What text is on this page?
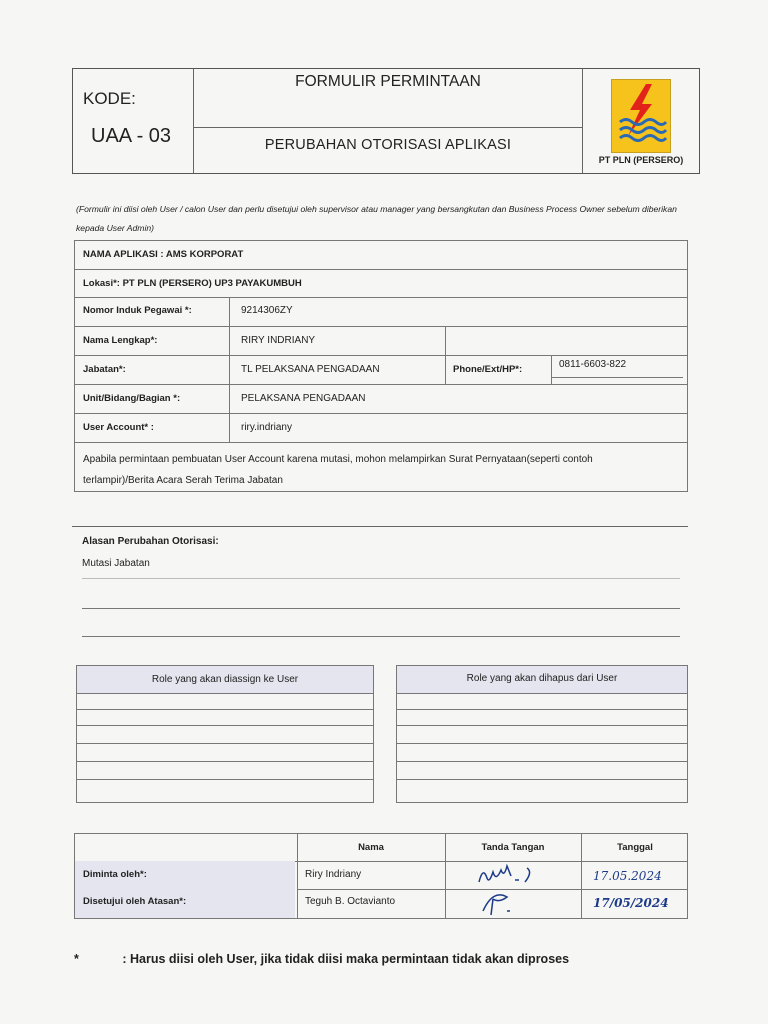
KODE:
UAA - 03
FORMULIR PERMINTAAN
PERUBAHAN OTORISASI APLIKASI
PT PLN (PERSERO)
(Formulir ini diisi oleh User / calon User dan perlu disetujui oleh supervisor atau manager yang bersangkutan dan Business Process Owner sebelum diberikan kepada User Admin)
NAMA APLIKASI : AMS KORPORAT
Lokasi*: PT PLN (PERSERO) UP3 PAYAKUMBUH
Nomor Induk Pegawai *:	9214306ZY
Nama Lengkap*:	RIRY INDRIANY
Jabatan*:	TL PELAKSANA PENGADAAN	Phone/Ext/HP*:	0811-6603-822
Unit/Bidang/Bagian *:	PELAKSANA PENGADAAN
User Account* :	riry.indriany
Apabila permintaan pembuatan User Account karena mutasi, mohon melampirkan Surat Pernyataan(seperti contoh terlampir)/Berita Acara Serah Terima Jabatan
Alasan Perubahan Otorisasi:
Mutasi Jabatan
Role yang akan diassign ke User	Role yang akan dihapus dari User
Nama	Tanda Tangan	Tanggal
Diminta oleh*:	Riry Indriany	17.05.2024
Disetujui oleh Atasan*:	Teguh B. Octavianto	17/05/2024
*	: Harus diisi oleh User, jika tidak diisi maka permintaan tidak akan diproses
